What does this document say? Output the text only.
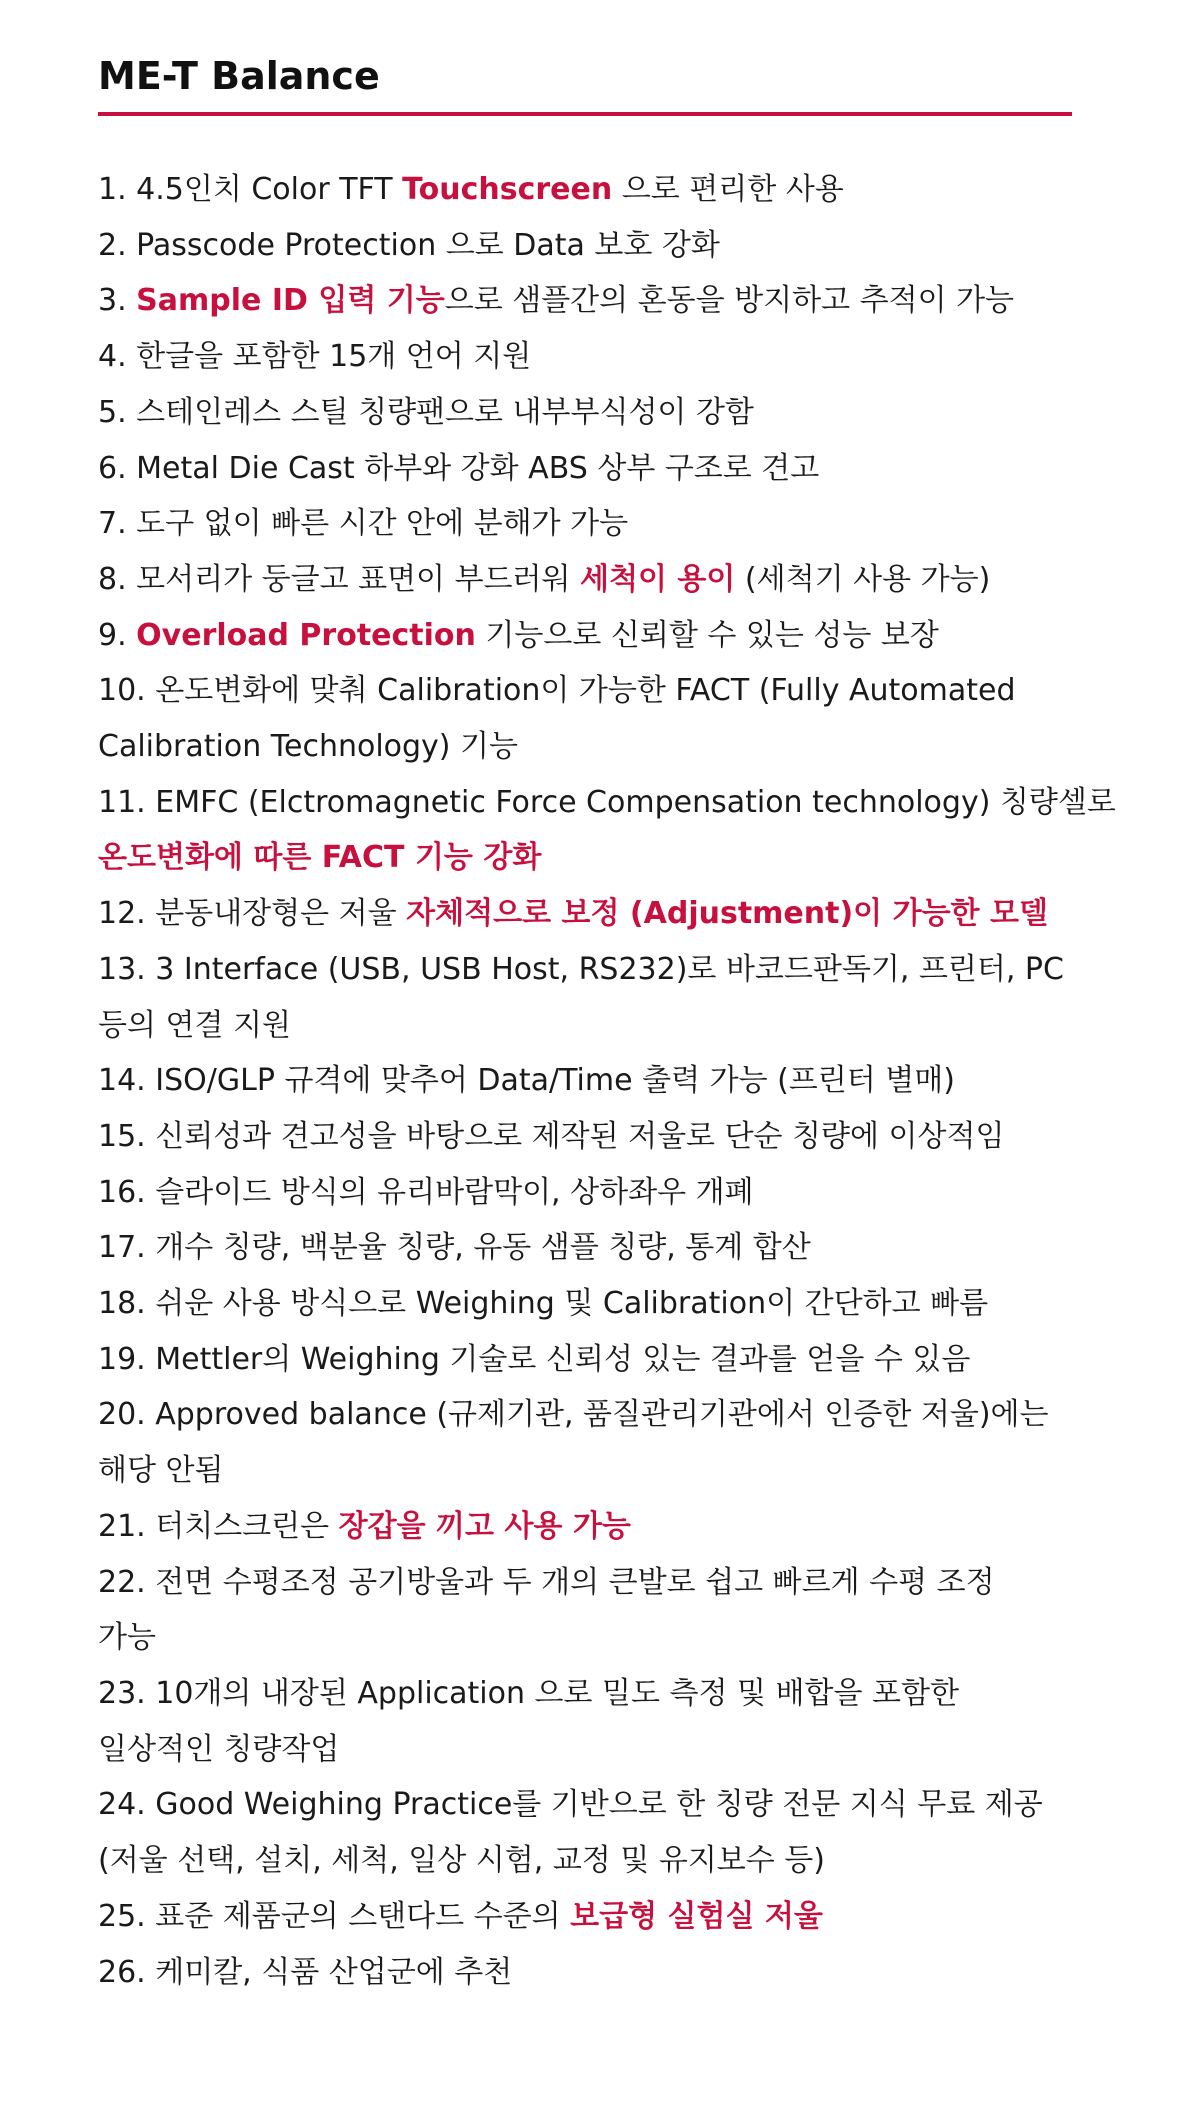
ME-T Balance
1. 4.5인치 Color TFT Touchscreen 으로 편리한 사용
2. Passcode Protection 으로 Data 보호 강화
3. Sample ID 입력 기능으로 샘플간의 혼동을 방지하고 추적이 가능
4. 한글을 포함한 15개 언어 지원
5. 스테인레스 스틸 칭량팬으로 내부부식성이 강함
6. Metal Die Cast 하부와 강화 ABS 상부 구조로 견고
7. 도구 없이 빠른 시간 안에 분해가 가능
8. 모서리가 둥글고 표면이 부드러워 세척이 용이 (세척기 사용 가능)
9. Overload Protection 기능으로 신뢰할 수 있는 성능 보장
10. 온도변화에 맞춰 Calibration이 가능한 FACT (Fully Automated
Calibration Technology) 기능
11. EMFC (Elctromagnetic Force Compensation technology) 칭량셀로
온도변화에 따른 FACT 기능 강화
12. 분동내장형은 저울 자체적으로 보정 (Adjustment)이 가능한 모델
13. 3 Interface (USB, USB Host, RS232)로 바코드판독기, 프린터, PC
등의 연결 지원
14. ISO/GLP 규격에 맞추어 Data/Time 출력 가능 (프린터 별매)
15. 신뢰성과 견고성을 바탕으로 제작된 저울로 단순 칭량에 이상적임
16. 슬라이드 방식의 유리바람막이, 상하좌우 개폐
17. 개수 칭량, 백분율 칭량, 유동 샘플 칭량, 통계 합산
18. 쉬운 사용 방식으로 Weighing 및 Calibration이 간단하고 빠름
19. Mettler의 Weighing 기술로 신뢰성 있는 결과를 얻을 수 있음
20. Approved balance (규제기관, 품질관리기관에서 인증한 저울)에는
해당 안됨
21. 터치스크린은 장갑을 끼고 사용 가능
22. 전면 수평조정 공기방울과 두 개의 큰발로 쉽고 빠르게 수평 조정
가능
23. 10개의 내장된 Application 으로 밀도 측정 및 배합을 포함한
일상적인 칭량작업
24. Good Weighing Practice를 기반으로 한 칭량 전문 지식 무료 제공
(저울 선택, 설치, 세척, 일상 시험, 교정 및 유지보수 등)
25. 표준 제품군의 스탠다드 수준의 보급형 실험실 저울
26. 케미칼, 식품 산업군에 추천
